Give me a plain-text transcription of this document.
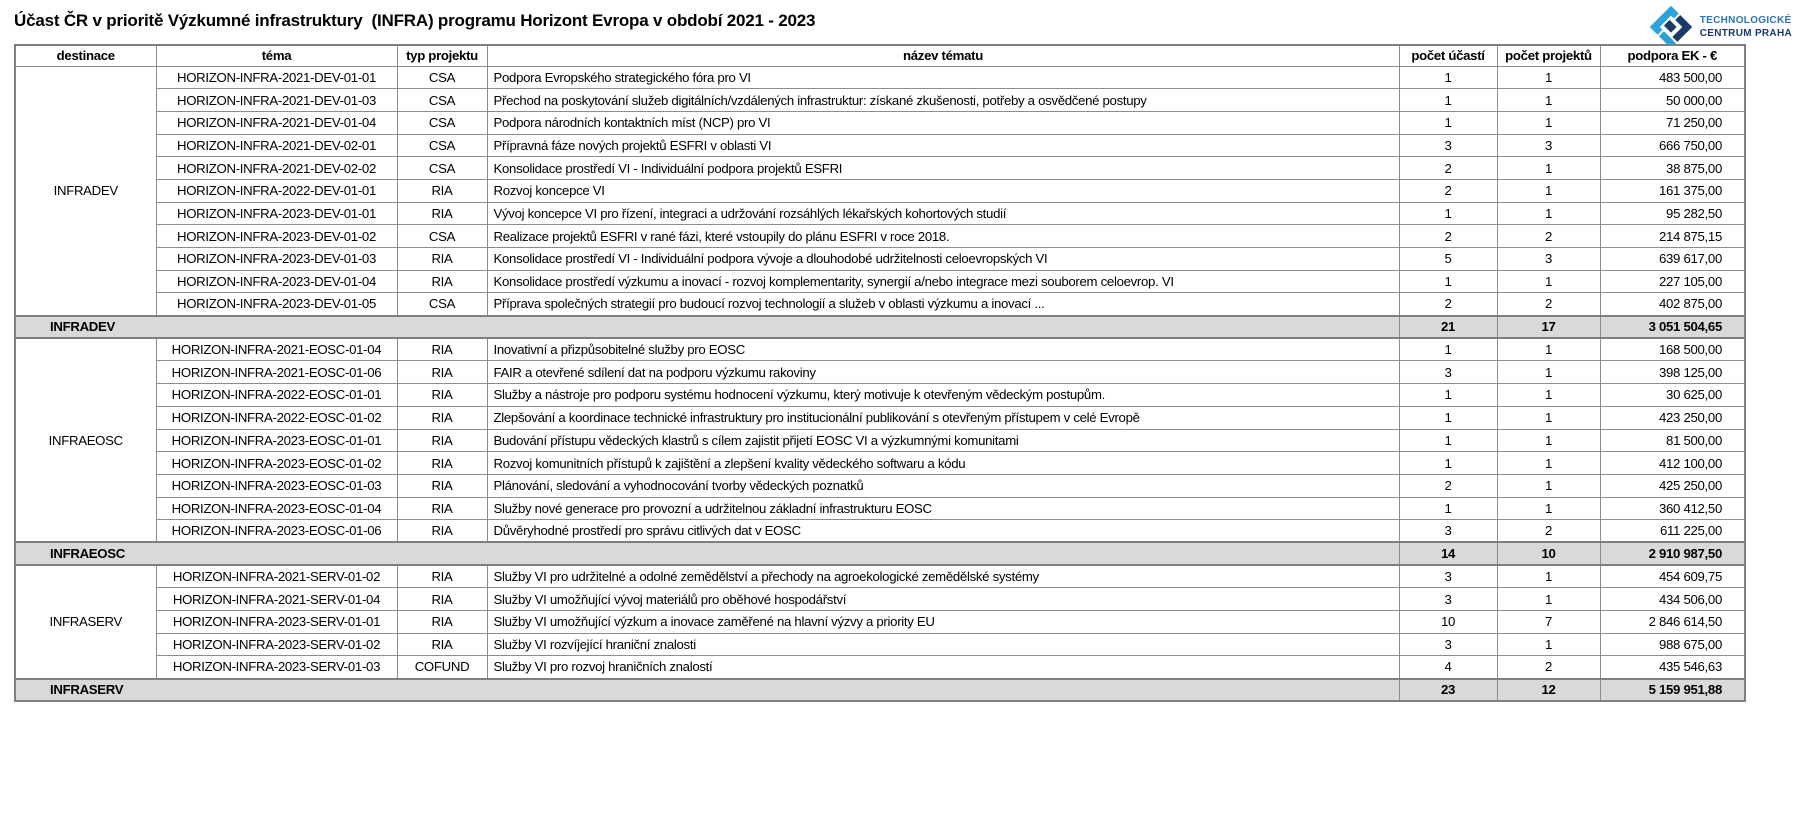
Účast ČR v prioritě Výzkumné infrastruktury  (INFRA) programu Horizont Evropa v období 2021 - 2023	TECHNOLOGICKÉ
CENTRUM PRAHA
destinace	téma	typ projektu	název tématu	počet účastí	počet projektů	podpora EK - €
INFRADEV	HORIZON-INFRA-2021-DEV-01-01	CSA	Podpora Evropského strategického fóra pro VI	1	1	483 500,00
	HORIZON-INFRA-2021-DEV-01-03	CSA	Přechod na poskytování služeb digitálních/vzdálených infrastruktur: získané zkušenosti, potřeby a osvědčené postupy	1	1	50 000,00
	HORIZON-INFRA-2021-DEV-01-04	CSA	Podpora národních kontaktních míst (NCP) pro VI	1	1	71 250,00
	HORIZON-INFRA-2021-DEV-02-01	CSA	Přípravná fáze nových projektů ESFRI v oblasti VI	3	3	666 750,00
	HORIZON-INFRA-2021-DEV-02-02	CSA	Konsolidace prostředí VI - Individuální podpora projektů ESFRI	2	1	38 875,00
	HORIZON-INFRA-2022-DEV-01-01	RIA	Rozvoj koncepce VI	2	1	161 375,00
	HORIZON-INFRA-2023-DEV-01-01	RIA	Vývoj koncepce VI pro řízení, integraci a udržování rozsáhlých lékařských kohortových studií	1	1	95 282,50
	HORIZON-INFRA-2023-DEV-01-02	CSA	Realizace projektů ESFRI v rané fázi, které vstoupily do plánu ESFRI v roce 2018.	2	2	214 875,15
	HORIZON-INFRA-2023-DEV-01-03	RIA	Konsolidace prostředí VI - Individuální podpora vývoje a dlouhodobé udržitelnosti celoevropských VI	5	3	639 617,00
	HORIZON-INFRA-2023-DEV-01-04	RIA	Konsolidace prostředí výzkumu a inovací - rozvoj komplementarity, synergií a/nebo integrace mezi souborem celoevrop. VI	1	1	227 105,00
	HORIZON-INFRA-2023-DEV-01-05	CSA	Příprava společných strategií pro budoucí rozvoj technologií a služeb v oblasti výzkumu a inovací ...	2	2	402 875,00
INFRADEV				21	17	3 051 504,65
INFRAEOSC	HORIZON-INFRA-2021-EOSC-01-04	RIA	Inovativní a přizpůsobitelné služby pro EOSC	1	1	168 500,00
	HORIZON-INFRA-2021-EOSC-01-06	RIA	FAIR a otevřené sdílení dat na podporu výzkumu rakoviny	3	1	398 125,00
	HORIZON-INFRA-2022-EOSC-01-01	RIA	Služby a nástroje pro podporu systému hodnocení výzkumu, který motivuje k otevřeným vědeckým postupům.	1	1	30 625,00
	HORIZON-INFRA-2022-EOSC-01-02	RIA	Zlepšování a koordinace technické infrastruktury pro institucionální publikování s otevřeným přístupem v celé Evropě	1	1	423 250,00
	HORIZON-INFRA-2023-EOSC-01-01	RIA	Budování přístupu vědeckých klastrů s cílem zajistit přijetí EOSC VI a výzkumnými komunitami	1	1	81 500,00
	HORIZON-INFRA-2023-EOSC-01-02	RIA	Rozvoj komunitních přístupů k zajištění a zlepšení kvality vědeckého softwaru a kódu	1	1	412 100,00
	HORIZON-INFRA-2023-EOSC-01-03	RIA	Plánování, sledování a vyhodnocování tvorby vědeckých poznatků	2	1	425 250,00
	HORIZON-INFRA-2023-EOSC-01-04	RIA	Služby nové generace pro provozní a udržitelnou základní infrastrukturu EOSC	1	1	360 412,50
	HORIZON-INFRA-2023-EOSC-01-06	RIA	Důvěryhodné prostředí pro správu citlivých dat v EOSC	3	2	611 225,00
INFRAEOSC				14	10	2 910 987,50
INFRASERV	HORIZON-INFRA-2021-SERV-01-02	RIA	Služby VI pro udržitelné a odolné zemědělství a přechody na agroekologické zemědělské systémy	3	1	454 609,75
	HORIZON-INFRA-2021-SERV-01-04	RIA	Služby VI umožňující vývoj materiálů pro oběhové hospodářství	3	1	434 506,00
	HORIZON-INFRA-2023-SERV-01-01	RIA	Služby VI umožňující výzkum a inovace zaměřené na hlavní výzvy a priority EU	10	7	2 846 614,50
	HORIZON-INFRA-2023-SERV-01-02	RIA	Služby VI rozvíjející hraniční znalosti	3	1	988 675,00
	HORIZON-INFRA-2023-SERV-01-03	COFUND	Služby VI pro rozvoj hraničních znalostí	4	2	435 546,63
INFRASERV				23	12	5 159 951,88
